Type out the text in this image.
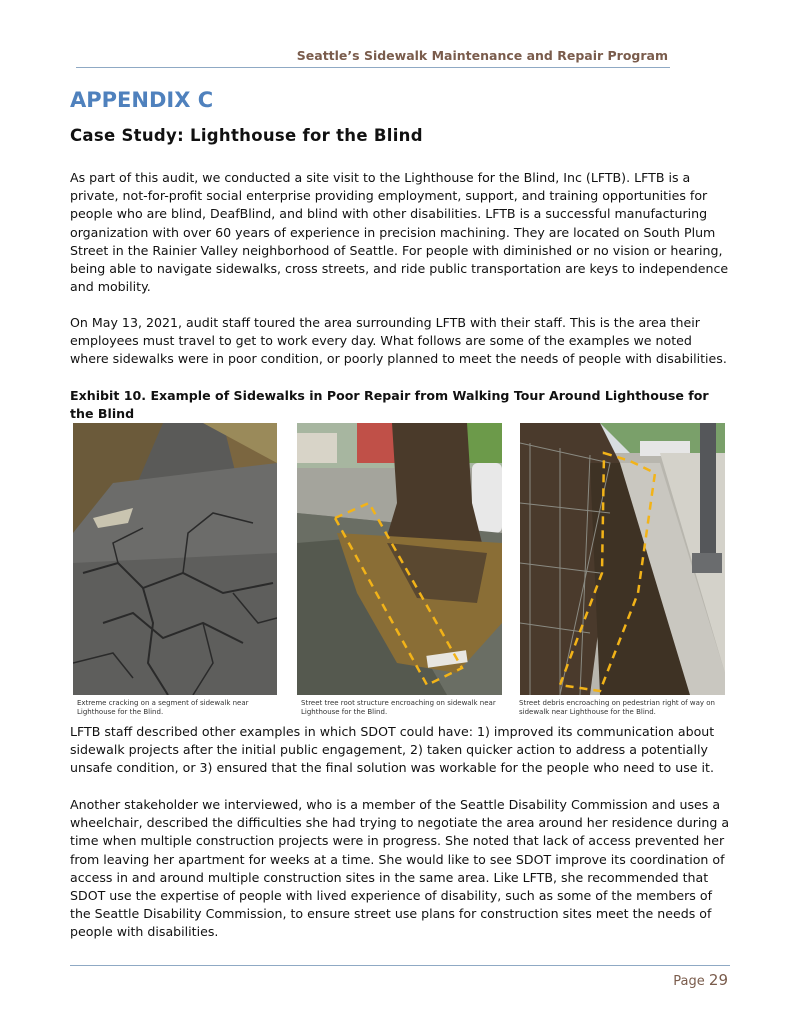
Seattle’s Sidewalk Maintenance and Repair Program
APPENDIX C
Case Study: Lighthouse for the Blind

As part of this audit, we conducted a site visit to the Lighthouse for the Blind, Inc (LFTB). LFTB is a private, not-for-profit social enterprise providing employment, support, and training opportunities for people who are blind, DeafBlind, and blind with other disabilities. LFTB is a successful manufacturing organization with over 60 years of experience in precision machining. They are located on South Plum Street in the Rainier Valley neighborhood of Seattle. For people with diminished or no vision or hearing, being able to navigate sidewalks, cross streets, and ride public transportation are keys to independence and mobility.

On May 13, 2021, audit staff toured the area surrounding LFTB with their staff. This is the area their employees must travel to get to work every day. What follows are some of the examples we noted where sidewalks were in poor condition, or poorly planned to meet the needs of people with disabilities.

Exhibit 10. Example of Sidewalks in Poor Repair from Walking Tour Around Lighthouse for the Blind

Extreme cracking on a segment of sidewalk near Lighthouse for the Blind.

Street tree root structure encroaching on sidewalk near Lighthouse for the Blind.

Street debris encroaching on pedestrian right of way on sidewalk near Lighthouse for the Blind.

LFTB staff described other examples in which SDOT could have: 1) improved its communication about sidewalk projects after the initial public engagement, 2) taken quicker action to address a potentially unsafe condition, or 3) ensured that the final solution was workable for the people who need to use it.

Another stakeholder we interviewed, who is a member of the Seattle Disability Commission and uses a wheelchair, described the difficulties she had trying to negotiate the area around her residence during a time when multiple construction projects were in progress. She noted that lack of access prevented her from leaving her apartment for weeks at a time. She would like to see SDOT improve its coordination of access in and around multiple construction sites in the same area. Like LFTB, she recommended that SDOT use the expertise of people with lived experience of disability, such as some of the members of the Seattle Disability Commission, to ensure street use plans for construction sites meet the needs of people with disabilities.

Page 29
